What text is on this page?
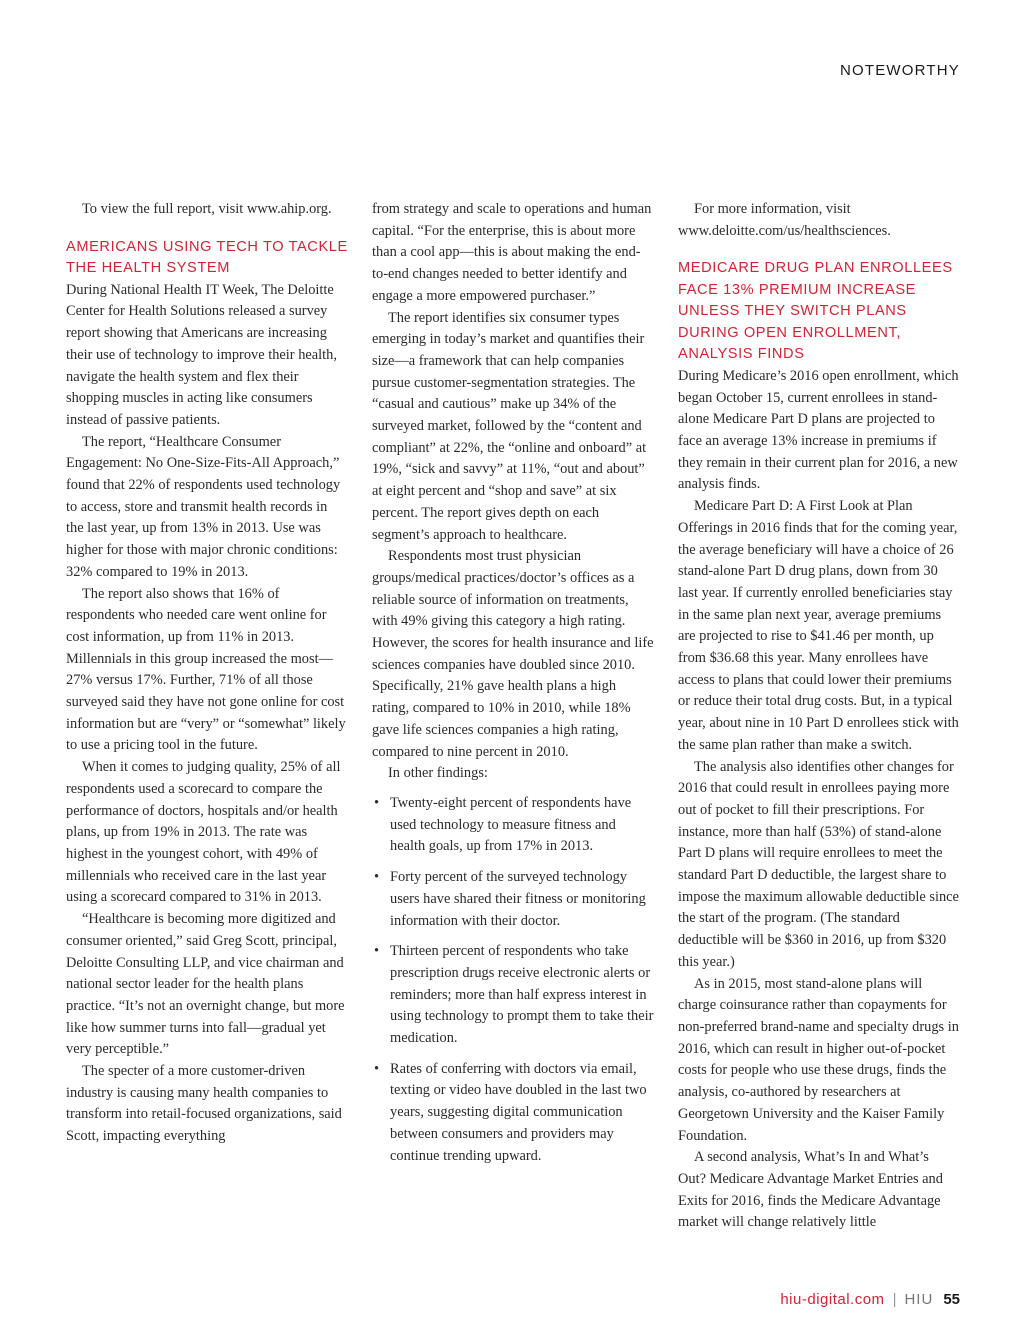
NOTEWORTHY

To view the full report, visit www.ahip.org.

AMERICANS USING TECH TO TACKLE THE HEALTH SYSTEM

During National Health IT Week, The Deloitte Center for Health Solutions released a survey report showing that Americans are increasing their use of technology to improve their health, navigate the health system and flex their shopping muscles in acting like consumers instead of passive patients.

The report, “Healthcare Consumer Engagement: No One-Size-Fits-All Approach,” found that 22% of respondents used technology to access, store and transmit health records in the last year, up from 13% in 2013. Use was higher for those with major chronic conditions: 32% compared to 19% in 2013.

The report also shows that 16% of respondents who needed care went online for cost information, up from 11% in 2013. Millennials in this group increased the most—27% versus 17%. Further, 71% of all those surveyed said they have not gone online for cost information but are “very” or “somewhat” likely to use a pricing tool in the future.

When it comes to judging quality, 25% of all respondents used a scorecard to compare the performance of doctors, hospitals and/or health plans, up from 19% in 2013. The rate was highest in the youngest cohort, with 49% of millennials who received care in the last year using a scorecard compared to 31% in 2013.

“Healthcare is becoming more digitized and consumer oriented,” said Greg Scott, principal, Deloitte Consulting LLP, and vice chairman and national sector leader for the health plans practice. “It’s not an overnight change, but more like how summer turns into fall—gradual yet very perceptible.”

The specter of a more customer-driven industry is causing many health companies to transform into retail-focused organizations, said Scott, impacting everything

from strategy and scale to operations and human capital. “For the enterprise, this is about more than a cool app—this is about making the end-to-end changes needed to better identify and engage a more empowered purchaser.”

The report identifies six consumer types emerging in today’s market and quantifies their size—a framework that can help companies pursue customer-segmentation strategies. The “casual and cautious” make up 34% of the surveyed market, followed by the “content and compliant” at 22%, the “online and onboard” at 19%, “sick and savvy” at 11%, “out and about” at eight percent and “shop and save” at six percent. The report gives depth on each segment’s approach to healthcare.

Respondents most trust physician groups/medical practices/doctor’s offices as a reliable source of information on treatments, with 49% giving this category a high rating. However, the scores for health insurance and life sciences companies have doubled since 2010. Specifically, 21% gave health plans a high rating, compared to 10% in 2010, while 18% gave life sciences companies a high rating, compared to nine percent in 2010.

In other findings:

• Twenty-eight percent of respondents have used technology to measure fitness and health goals, up from 17% in 2013.
• Forty percent of the surveyed technology users have shared their fitness or monitoring information with their doctor.
• Thirteen percent of respondents who take prescription drugs receive electronic alerts or reminders; more than half express interest in using technology to prompt them to take their medication.
• Rates of conferring with doctors via email, texting or video have doubled in the last two years, suggesting digital communication between consumers and providers may continue trending upward.

For more information, visit www.deloitte.com/us/healthsciences.

MEDICARE DRUG PLAN ENROLLEES FACE 13% PREMIUM INCREASE UNLESS THEY SWITCH PLANS DURING OPEN ENROLLMENT, ANALYSIS FINDS

During Medicare’s 2016 open enrollment, which began October 15, current enrollees in stand-alone Medicare Part D plans are projected to face an average 13% increase in premiums if they remain in their current plan for 2016, a new analysis finds.

Medicare Part D: A First Look at Plan Offerings in 2016 finds that for the coming year, the average beneficiary will have a choice of 26 stand-alone Part D drug plans, down from 30 last year. If currently enrolled beneficiaries stay in the same plan next year, average premiums are projected to rise to $41.46 per month, up from $36.68 this year. Many enrollees have access to plans that could lower their premiums or reduce their total drug costs. But, in a typical year, about nine in 10 Part D enrollees stick with the same plan rather than make a switch.

The analysis also identifies other changes for 2016 that could result in enrollees paying more out of pocket to fill their prescriptions. For instance, more than half (53%) of stand-alone Part D plans will require enrollees to meet the standard Part D deductible, the largest share to impose the maximum allowable deductible since the start of the program. (The standard deductible will be $360 in 2016, up from $320 this year.)

As in 2015, most stand-alone plans will charge coinsurance rather than copayments for non-preferred brand-name and specialty drugs in 2016, which can result in higher out-of-pocket costs for people who use these drugs, finds the analysis, co-authored by researchers at Georgetown University and the Kaiser Family Foundation.

A second analysis, What’s In and What’s Out? Medicare Advantage Market Entries and Exits for 2016, finds the Medicare Advantage market will change relatively little

hiu-digital.com | HIU 55
